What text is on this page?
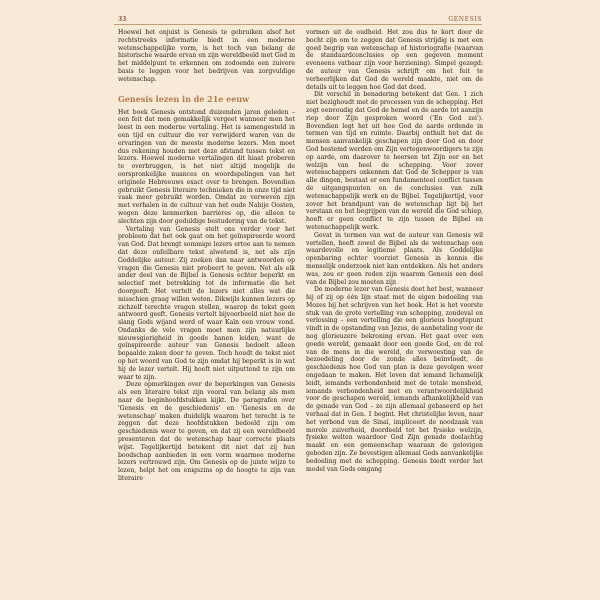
33	GENESIS

Hoewel het onjuist is Genesis te gebruiken alsof het rechtstreeks informatie biedt in een moderne wetenschappelijke vorm, is het toch van belang de historische waarde ervan en zijn wereldbeeld met God in het middelpunt te erkennen om zodoende een zuivere basis te leggen voor het bedrijven van zorgvuldige wetenschap.

Genesis lezen in de 21e eeuw

Het boek Genesis ontstond duizenden jaren geleden – een feit dat men gemakkelijk vergeet wanneer men het leest in een moderne vertaling. Het is samengesteld in een tijd en cultuur die ver verwijderd waren van de ervaringen van de meeste moderne lezers. Men moet dus rekening houden met deze afstand tussen tekst en lezers. Hoewel moderne vertalingen dit hiaat proberen te overbruggen, is het niet altijd mogelijk de oorspronkelijke nuances en woordspelingen van het originele Hebreeuws exact over te brengen. Bovendien gebruikt Genesis literaire technieken die in onze tijd niet vaak meer gebruikt worden. Omdat ze verweven zijn met verhalen in de cultuur van het oude Nabije Oosten, wegen deze kenmerken barrières op, die alleen te slechten zijn door geduldige bestudering van de tekst.

Vertaling van Genesis stelt ons verder voor het probleem dat het ook gaat om het geïnspireerde woord van God. Dat brengt sommige lezers ertoe aan te nemen dat deze onfeilbare tekst alwetend is, net als zijn Goddelijke auteur. Zij zoeken dan naar antwoorden op vragen die Genesis niet probeert te geven. Net als elk ander deel van de Bijbel is Genesis echter beperkt en selectief met betrekking tot de informatie die het doorgeeft. Het vertelt de lezers niet alles wat die misschien graag willen weten. Dikwijls kunnen lezers op zichzelf terechte vragen stellen, waarop de tekst geen antwoord geeft. Genesis vertelt bijvoorbeeld niet hoe de slang Gods wijand werd of waar Kaïn een vrouw vond. Ondanks de vele vragen moet men zijn natuurlijke nieuwsgierigheid in goede banen leiden, want de geïnspireerde auteur van Genesis bedoelt alleen bepaalde zaken door te geven. Toch houdt de tekst niet op het woord van God te zijn omdat hij beperkt is in wat hij de lezer vertelt. Hij hoeft niet uitputtend te zijn om waar te zijn.

Deze opmerkingen over de beperkingen van Genesis als een literaire tekst zijn vooral van belang als men naar de beginhoofdstukken kijkt. De paragrafen over 'Genesis en de geschiedenis' en 'Genesis en de wetenschap' maken duidelijk waarom het terecht is te zeggen dat deze hoofdstukken bedoeld zijn om geschiedenis weer te geven, en dat zij een wereldbeeld presenteren dat de wetenschap haar correcte plaats wijst. Tegelijkertijd betekent dit niet dat zij hun boodschap aanbieden in een vorm waarmee moderne lezers vertrouwd zijn. Om Genesis op de juiste wijze te lezen, helpt het om enigszins op de hoogte te zijn van literaire

vormen uit de oudheid. Het zou dus te kort door de bocht zijn om te zeggen dat Genesis strijdig is met een goed begrip van wetenschap of historiografie (waarvan de standaardconclusies op een gegeven moment eveneens vatbaar zijn voor herziening). Simpel gezegd: de auteur van Genesis schrijft om het feit te verheerlijken dat God de wereld maakte, niet om de details uit te leggen hoe God dat deed.

Dit verschil in benadering betekent dat Gen. 1 zich niet bezighoudt met de processen van de schepping. Het zegt eenvoudig dat God de hemel en de aarde tot aanzijn riep door Zijn gesproken woord ('En God zei'). Bovendien legt het uit hoe God de aarde ordende in termen van tijd en ruimte. Daarbij onthult het dat de mensen aanvankelijk geschapen zijn door God en door God bestemd werden om Zijn vertegenwoordigers te zijn op aarde, om daarover te heersen tot Zijn eer en het welzijn van heel de schepping. Voor zover wetenschappers onkennen dat God de Schepper is van alle dingen, bestaat er een fundamenteel conflict tussen de uitgangspunten en de conclusies van zulk wetenschappelijk werk en de Bijbel. Tegelijkertijd, voor zover het brandpunt van de wetenschap ligt bij het verstaan en het begrijpen van de wereld die God schiep, hoeft er geen conflict te zijn tussen de Bijbel en wetenschappelijk werk.

Gevat in termen van wat de auteur van Genesis wil vertellen, heeft zowel de Bijbel als de wetenschap een waardevolle en legitieme plaats. Als Goddelijke openbaring echter voorziet Genesis in kennis die menselijk onderzoek niet kan ontdekken. Als het anders was, zou er geen reden zijn waarom Genesis een deel van de Bijbel zou moeten zijn.

De moderne lezer van Genesis doet het best, wanneer hij of zij op één lijn staat met de eigen bedoeling van Mozes bij het schrijven van het boek. Het is het voorste stuk van de grote vertelling van schepping, zondeval en verlossing – een vertelling die een glorieus hoogtepunt vindt in de opstanding van Jezus, de aanbetaling voor de nog glorieuzere bekroning ervan. Het gaat over een goede wereld, gemaakt door een goede God, en de rol van de mens in die wereld, de verwoesting van de bezoedeling door de zonde alles beïnvloedt, de geschiedenis hoe God van plan is deze gevolgen weer ongedaan te maken. Het leven dat iemand lichamelijk leidt, iemands verbondenheid met de totale mensheid, iemands verbondenheid met en verantwoordelijkheid voor de geschapen wereld, iemands afhankelijkheid van de genade van God – ze zijn allemaal gebaseerd op het verhaal dat in Gen. 1 begint. Het christelijke leven, naar het verbond van de Sinaï, impliceert de noodzaak van morele zuiverheid, doordeeld tot het fysieke welzijn, fysieke welten waardoor God Zijn genade doelachtig maakt en een gemeenschap waaraan de gelovigen geboden zijn. Ze bevestigen allemaal Gods aanvankelijke bedoeling met de schepping. Genesis biedt verder het model van Gods omgang

OODD
